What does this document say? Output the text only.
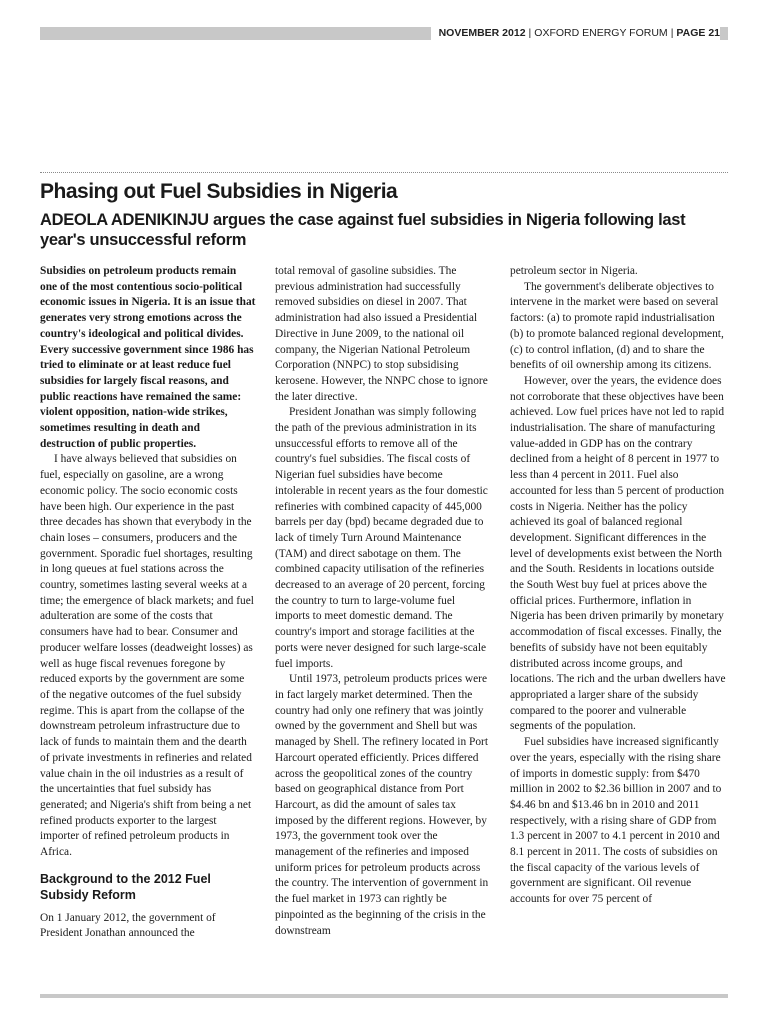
NOVEMBER 2012 | OXFORD ENERGY FORUM | PAGE 21
Phasing out Fuel Subsidies in Nigeria
ADEOLA ADENIKINJU argues the case against fuel subsidies in Nigeria following last year's unsuccessful reform

Subsidies on petroleum products remain one of the most contentious socio-political economic issues in Nigeria. It is an issue that generates very strong emotions across the country's ideological and political divides. Every successive government since 1986 has tried to eliminate or at least reduce fuel subsidies for largely fiscal reasons, and public reactions have remained the same: violent opposition, nation-wide strikes, sometimes resulting in death and destruction of public properties.

I have always believed that subsidies on fuel, especially on gasoline, are a wrong economic policy. The socio economic costs have been high. Our experience in the past three decades has shown that everybody in the chain loses – consumers, producers and the government. Sporadic fuel shortages, resulting in long queues at fuel stations across the country, sometimes lasting several weeks at a time; the emergence of black markets; and fuel adulteration are some of the costs that consumers have had to bear. Consumer and producer welfare losses (deadweight losses) as well as huge fiscal revenues foregone by reduced exports by the government are some of the negative outcomes of the fuel subsidy regime. This is apart from the collapse of the downstream petroleum infrastructure due to lack of funds to maintain them and the dearth of private investments in refineries and related value chain in the oil industries as a result of the uncertainties that fuel subsidy has generated; and Nigeria's shift from being a net refined products exporter to the largest importer of refined petroleum products in Africa.

Background to the 2012 Fuel Subsidy Reform

On 1 January 2012, the government of President Jonathan announced the

total removal of gasoline subsidies. The previous administration had successfully removed subsidies on diesel in 2007. That administration had also issued a Presidential Directive in June 2009, to the national oil company, the Nigerian National Petroleum Corporation (NNPC) to stop subsidising kerosene. However, the NNPC chose to ignore the later directive.

President Jonathan was simply following the path of the previous administration in its unsuccessful efforts to remove all of the country's fuel subsidies. The fiscal costs of Nigerian fuel subsidies have become intolerable in recent years as the four domestic refineries with combined capacity of 445,000 barrels per day (bpd) became degraded due to lack of timely Turn Around Maintenance (TAM) and direct sabotage on them. The combined capacity utilisation of the refineries decreased to an average of 20 percent, forcing the country to turn to large-volume fuel imports to meet domestic demand. The country's import and storage facilities at the ports were never designed for such large-scale fuel imports.

Until 1973, petroleum products prices were in fact largely market determined. Then the country had only one refinery that was jointly owned by the government and Shell but was managed by Shell. The refinery located in Port Harcourt operated efficiently. Prices differed across the geopolitical zones of the country based on geographical distance from Port Harcourt, as did the amount of sales tax imposed by the different regions. However, by 1973, the government took over the management of the refineries and imposed uniform prices for petroleum products across the country. The intervention of government in the fuel market in 1973 can rightly be pinpointed as the beginning of the crisis in the downstream

petroleum sector in Nigeria.

The government's deliberate objectives to intervene in the market were based on several factors: (a) to promote rapid industrialisation (b) to promote balanced regional development, (c) to control inflation, (d) and to share the benefits of oil ownership among its citizens.

However, over the years, the evidence does not corroborate that these objectives have been achieved. Low fuel prices have not led to rapid industrialisation. The share of manufacturing value-added in GDP has on the contrary declined from a height of 8 percent in 1977 to less than 4 percent in 2011. Fuel also accounted for less than 5 percent of production costs in Nigeria. Neither has the policy achieved its goal of balanced regional development. Significant differences in the level of developments exist between the North and the South. Residents in locations outside the South West buy fuel at prices above the official prices. Furthermore, inflation in Nigeria has been driven primarily by monetary accommodation of fiscal excesses. Finally, the benefits of subsidy have not been equitably distributed across income groups, and locations. The rich and the urban dwellers have appropriated a larger share of the subsidy compared to the poorer and vulnerable segments of the population.

Fuel subsidies have increased significantly over the years, especially with the rising share of imports in domestic supply: from $470 million in 2002 to $2.36 billion in 2007 and to $4.46 bn and $13.46 bn in 2010 and 2011 respectively, with a rising share of GDP from 1.3 percent in 2007 to 4.1 percent in 2010 and 8.1 percent in 2011. The costs of subsidies on the fiscal capacity of the various levels of government are significant. Oil revenue accounts for over 75 percent of
